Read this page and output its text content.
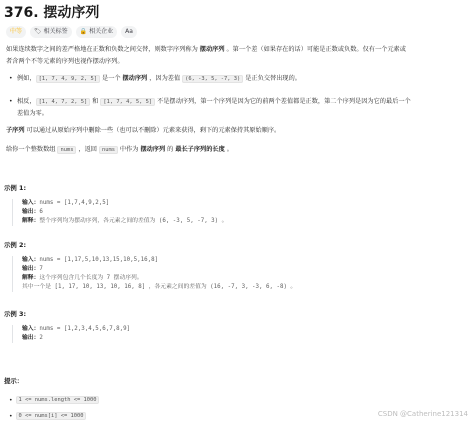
376. 摆动序列
中等	🏷 相关标签 🔒 相关企业 Aa
如果连续数字之间的差严格地在正数和负数之间交替，则数字序列称为 摆动序列 。第一个差（如果存在的话）可能是正数或负数。仅有一个元素或
者含两个不等元素的序列也视作摆动序列。
• 例如， [1, 7, 4, 9, 2, 5] 是一个 摆动序列 ，因为差值 (6, -3, 5, -7, 3) 是正负交替出现的。
• 相反， [1, 4, 7, 2, 5] 和 [1, 7, 4, 5, 5] 不是摆动序列，第一个序列是因为它的前两个差值都是正数，第二个序列是因为它的最后一个
差值为零。
子序列 可以通过从原始序列中删除一些（也可以不删除）元素来获得，剩下的元素保持其原始顺序。
给你一个整数数组 nums ，返回 nums 中作为 摆动序列 的 最长子序列的长度 。
示例 1:
输入：nums = [1,7,4,9,2,5]
输出：6
解释：整个序列均为摆动序列，各元素之间的差值为 (6, -3, 5, -7, 3) 。
示例 2:
输入：nums = [1,17,5,10,13,15,10,5,16,8]
输出：7
解释：这个序列包含几个长度为 7 摆动序列。
其中一个是 [1, 17, 10, 13, 10, 16, 8] ，各元素之间的差值为 (16, -7, 3, -3, 6, -8) 。
示例 3:
输入：nums = [1,2,3,4,5,6,7,8,9]
输出：2
提示：
•	1 <= nums.length <= 1000
•	0 <= nums[i] <= 1000	CSDN @Catherine121314
